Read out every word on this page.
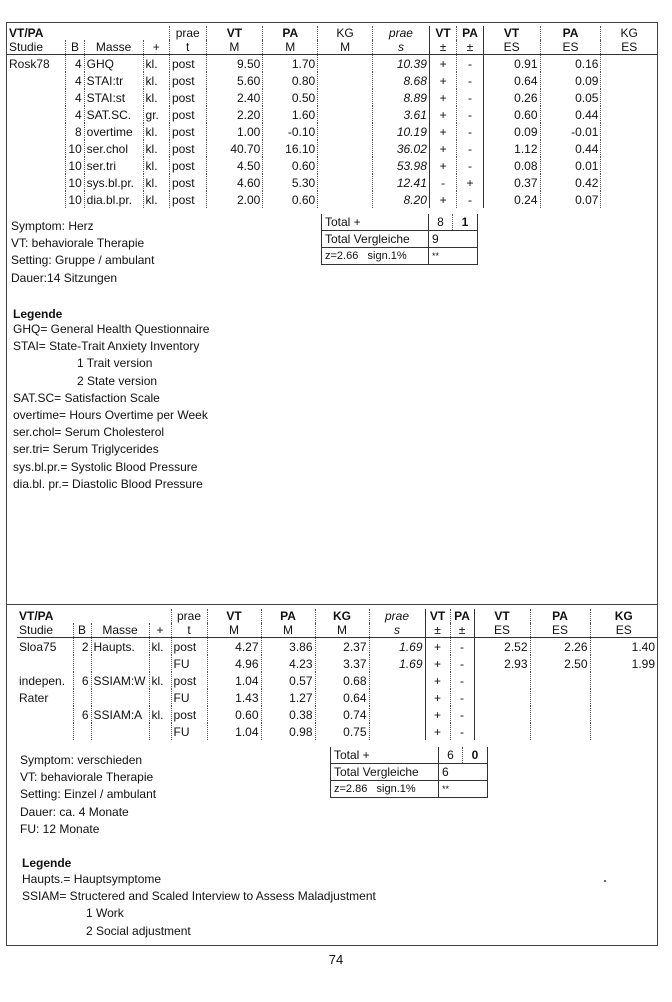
VT/PA				prae	VT	PA	KG	prae	VT	PA	VT	PA	KG
Studie	B	Masse	+	t	M	M	M	s	±	±	ES	ES	ES
Rosk78	4	GHQ	kl.	post	9.50	1.70		10.39	+	-	0.91	0.16	
	4	STAI:tr	kl.	post	5.60	0.80		8.68	+	-	0.64	0.09	
	4	STAI:st	kl.	post	2.40	0.50		8.89	+	-	0.26	0.05	
	4	SAT.SC.	gr.	post	2.20	1.60		3.61	+	-	0.60	0.44	
	8	overtime	kl.	post	1.00	-0.10		10.19	+	-	0.09	-0.01	
	10	ser.chol	kl.	post	40.70	16.10		36.02	+	-	1.12	0.44	
	10	ser.tri	kl.	post	4.50	0.60		53.98	+	-	0.08	0.01	
	10	sys.bl.pr.	kl.	post	4.60	5.30		12.41	-	+	0.37	0.42	
	10	dia.bl.pr.	kl.	post	2.00	0.60		8.20	+	-	0.24	0.07	
VT/PA				prae	VT	PA	KG	prae	VT	PA	VT	PA	KG
Studie	B	Masse	+	t	M	M	M	s	±	±	ES	ES	ES
Sloa75	2	Haupts.	kl.	post	4.27	3.86	2.37	1.69	+	-	2.52	2.26	1.40
				FU	4.96	4.23	3.37	1.69	+	-	2.93	2.50	1.99
indepen.	6	SSIAM:W	kl.	post	1.04	0.57	0.68		+	-			
Rater				FU	1.43	1.27	0.64		+	-			
	6	SSIAM:A	kl.	post	0.60	0.38	0.74		+	-			
				FU	1.04	0.98	0.75		+	-			
Symptom: Herz
VT: behaviorale Therapie
Setting: Gruppe / ambulant
Dauer:14 Sitzungen
Total +	8	1
Total Vergleiche	9	
z=2.66 sign.1%	**	
Legende
GHQ= General Health Questionnaire
STAI= State-Trait Anxiety Inventory
1 Trait version
2 State version
SAT.SC= Satisfaction Scale
overtime= Hours Overtime per Week
ser.chol= Serum Cholesterol
ser.tri= Serum Triglycerides
sys.bl.pr.= Systolic Blood Pressure
dia.bl. pr.= Diastolic Blood Pressure
Symptom: verschieden
VT: behaviorale Therapie
Setting: Einzel / ambulant
Dauer: ca. 4 Monate
FU: 12 Monate
Total +	6	0
Total Vergleiche	6	
z=2.86 sign.1%	**	
Legende
Haupts.= Hauptsymptome
SSIAM= Structered and Scaled Interview to Assess Maladjustment
1 Work
2 Social adjustment
74
